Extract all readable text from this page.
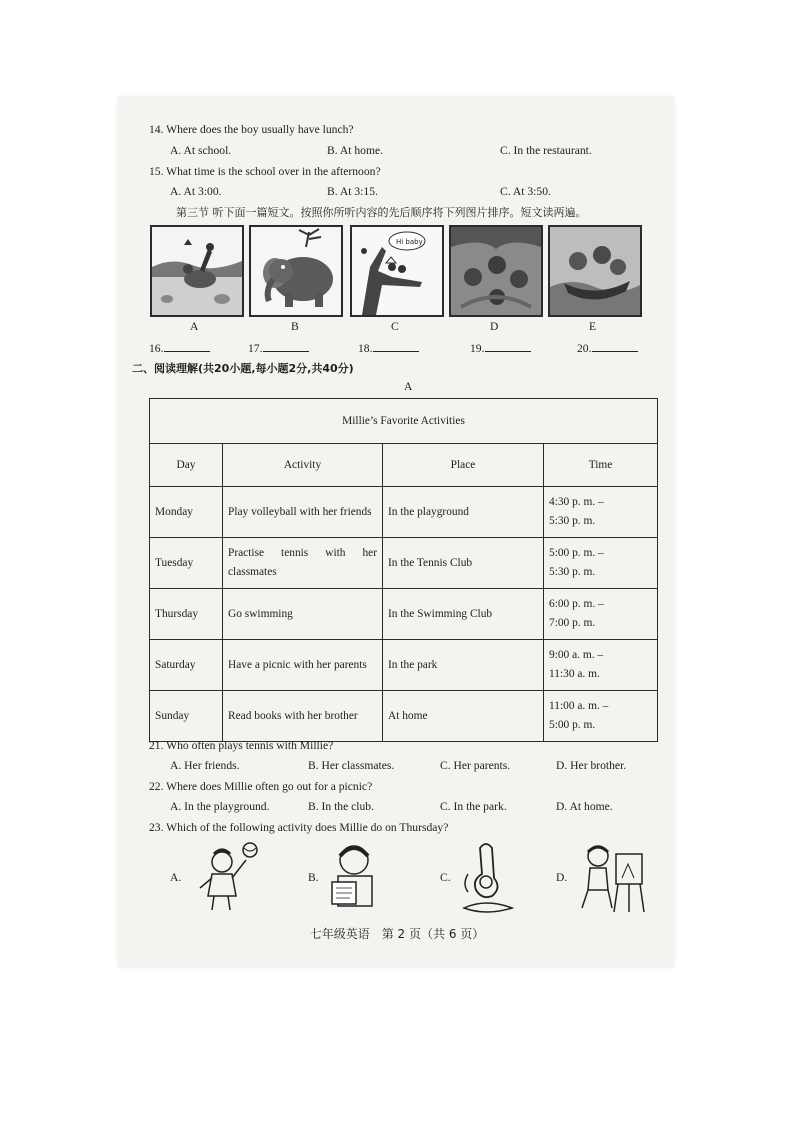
14. Where does the boy usually have lunch?
A. At school.	B. At home.	C. In the restaurant.
15. What time is the school over in the afternoon?
A. At 3:00.	B. At 3:15.	C. At 3:50.
第三节 听下面一篇短文。按照你所听内容的先后顺序将下列图片排序。短文读两遍。
Hi baby
A	B	C	D	E
16.	17.	18.	19.	20.
二、阅读理解(共20小题,每小题2分,共40分)
A
Millie’s Favorite Activities			
Day	Activity	Place	Time
Monday	Play volleyball with her friends	In the playground	4:30 p. m. –
5:30 p. m.

Tuesday	Practise tennis with her classmates	In the Tennis Club	5:00 p. m. –
5:30 p. m.

Thursday	Go swimming	In the Swimming Club	6:00 p. m. –
7:00 p. m.

Saturday	Have a picnic with her parents	In the park	9:00 a. m. –
11:30 a. m.

Sunday	Read books with her brother	At home	11:00 a. m. –
5:00 p. m.
21. Who often plays tennis with Millie?
A. Her friends.	B. Her classmates.	C. Her parents.	D. Her brother.
22. Where does Millie often go out for a picnic?
A. In the playground.	B. In the club.	C. In the park.	D. At home.
23. Which of the following activity does Millie do on Thursday?
A.	B.	C.	D.
七年级英语　第 2 页（共 6 页）
